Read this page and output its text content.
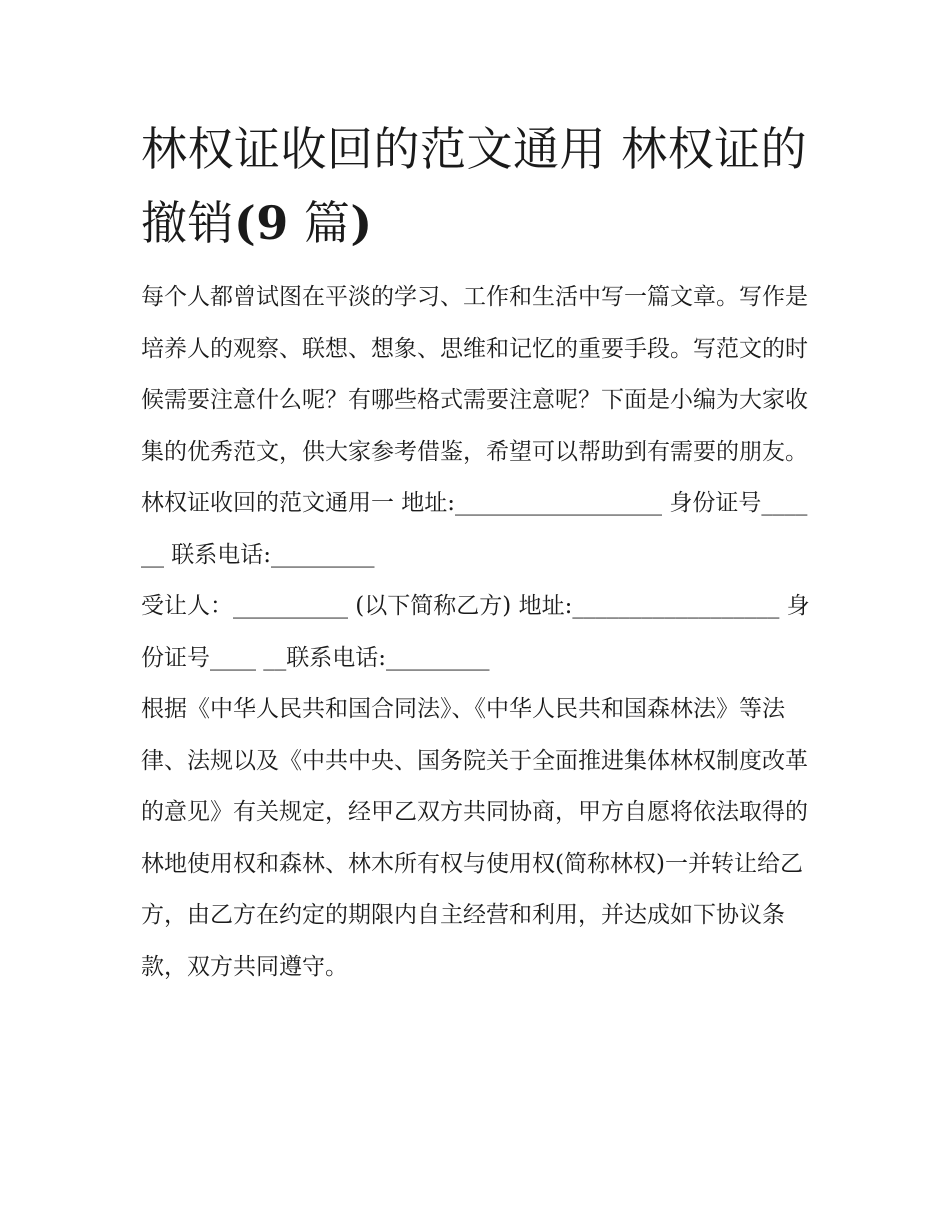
林权证收回的范文通用 林权证的撤销(9 篇)

每个人都曾试图在平淡的学习、工作和生活中写一篇文章。写作是培养人的观察、联想、想象、思维和记忆的重要手段。写范文的时候需要注意什么呢？有哪些格式需要注意呢？下面是小编为大家收集的优秀范文，供大家参考借鉴，希望可以帮助到有需要的朋友。

林权证收回的范文通用一 地址:__________________ 身份证号____ __ 联系电话:_________

受让人：__________ (以下简称乙方) 地址:__________________ 身份证号____ __联系电话:_________

根据《中华人民共和国合同法》、《中华人民共和国森林法》等法律、法规以及《中共中央、国务院关于全面推进集体林权制度改革的意见》有关规定，经甲乙双方共同协商，甲方自愿将依法取得的林地使用权和森林、林木所有权与使用权(简称林权)一并转让给乙方，由乙方在约定的期限内自主经营和利用，并达成如下协议条款，双方共同遵守。
